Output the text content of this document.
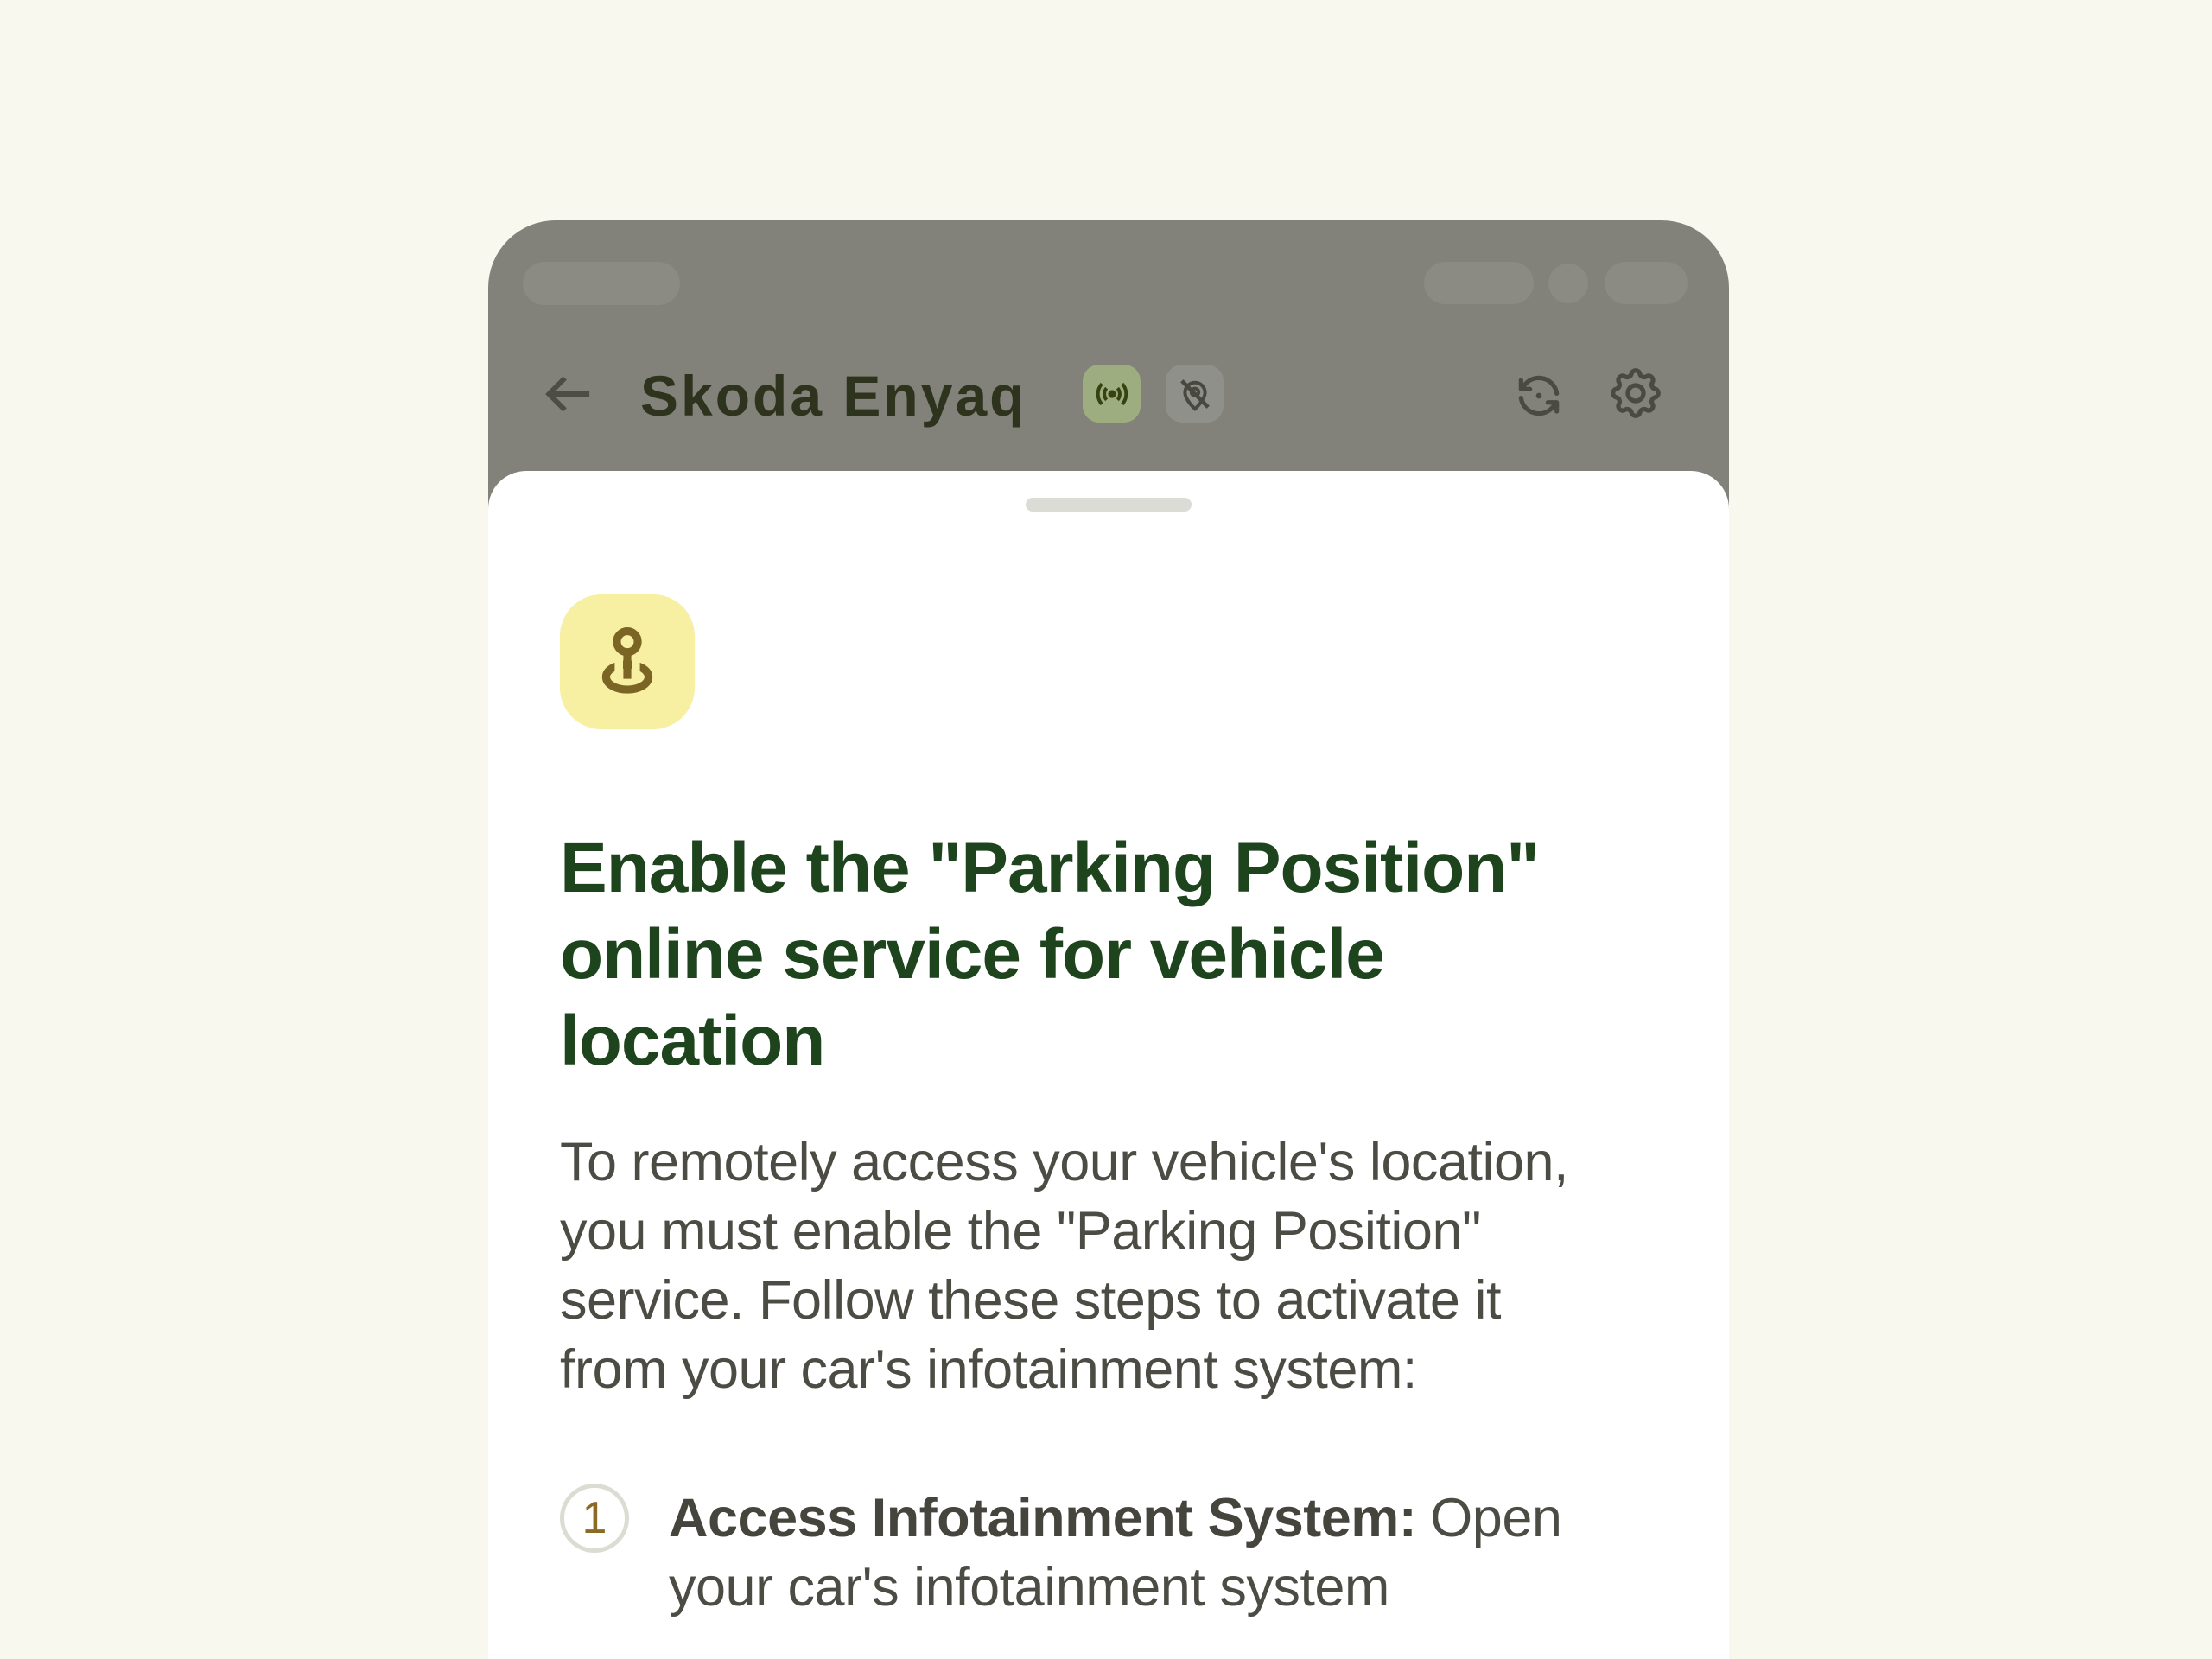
Skoda Enyaq
Enable the "Parking Position"
online service for vehicle
location
To remotely access your vehicle's location,
you must enable the "Parking Position"
service. Follow these steps to activate it
from your car's infotainment system:
1 Access Infotainment System: Open
your car's infotainment system
